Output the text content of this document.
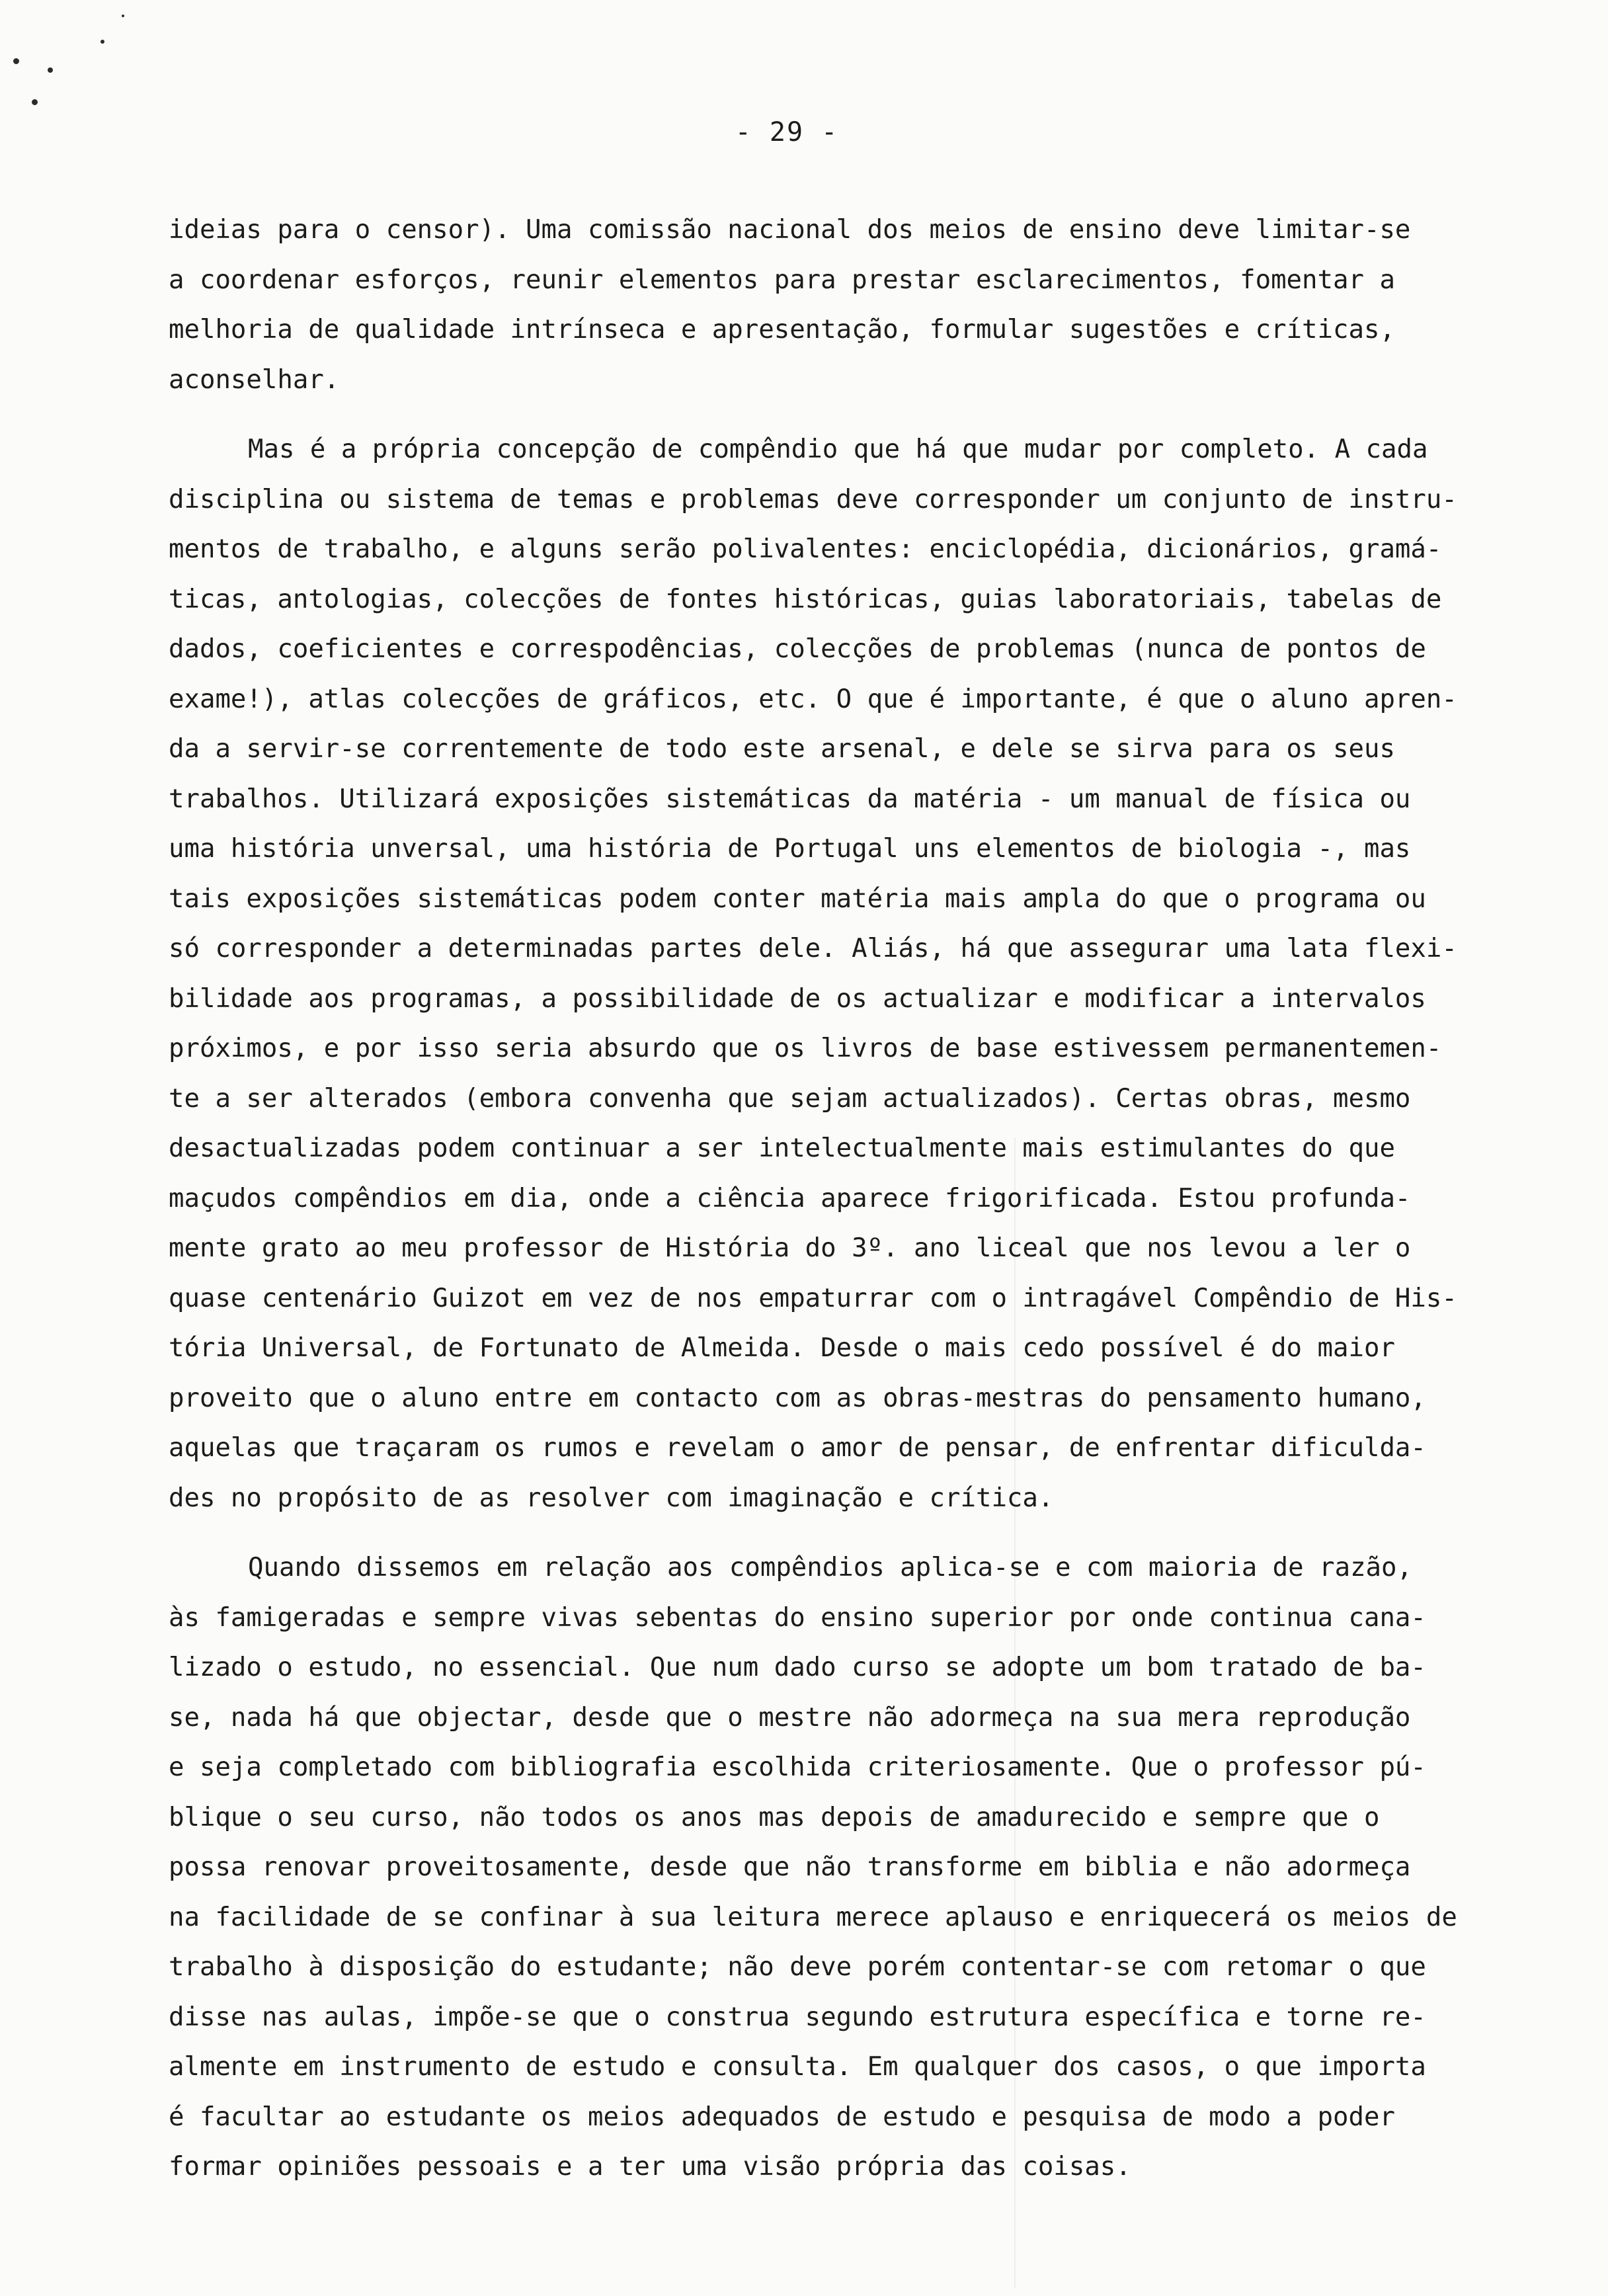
- 29 -
ideias para o censor). Uma comissão nacional dos meios de ensino deve limitar-se
a coordenar esforços, reunir elementos para prestar esclarecimentos, fomentar a
melhoria de qualidade intrínseca e apresentação, formular sugestões e críticas,
aconselhar.
Mas é a própria concepção de compêndio que há que mudar por completo. A cada
disciplina ou sistema de temas e problemas deve corresponder um conjunto de instru-
mentos de trabalho, e alguns serão polivalentes: enciclopédia, dicionários, gramá-
ticas, antologias, colecções de fontes históricas, guias laboratoriais, tabelas de
dados, coeficientes e correspodências, colecções de problemas (nunca de pontos de
exame!), atlas colecções de gráficos, etc. O que é importante, é que o aluno apren-
da a servir-se correntemente de todo este arsenal, e dele se sirva para os seus
trabalhos. Utilizará exposições sistemáticas da matéria - um manual de física ou
uma história unversal, uma história de Portugal uns elementos de biologia -, mas
tais exposições sistemáticas podem conter matéria mais ampla do que o programa ou
só corresponder a determinadas partes dele. Aliás, há que assegurar uma lata flexi-
bilidade aos programas, a possibilidade de os actualizar e modificar a intervalos
próximos, e por isso seria absurdo que os livros de base estivessem permanentemen-
te a ser alterados (embora convenha que sejam actualizados). Certas obras, mesmo
desactualizadas podem continuar a ser intelectualmente mais estimulantes do que
maçudos compêndios em dia, onde a ciência aparece frigorificada. Estou profunda-
mente grato ao meu professor de História do 3º. ano liceal que nos levou a ler o
quase centenário Guizot em vez de nos empaturrar com o intragável Compêndio de His-
tória Universal, de Fortunato de Almeida. Desde o mais cedo possível é do maior
proveito que o aluno entre em contacto com as obras-mestras do pensamento humano,
aquelas que traçaram os rumos e revelam o amor de pensar, de enfrentar dificulda-
des no propósito de as resolver com imaginação e crítica.
Quando dissemos em relação aos compêndios aplica-se e com maioria de razão,
às famigeradas e sempre vivas sebentas do ensino superior por onde continua cana-
lizado o estudo, no essencial. Que num dado curso se adopte um bom tratado de ba-
se, nada há que objectar, desde que o mestre não adormeça na sua mera reprodução
e seja completado com bibliografia escolhida criteriosamente. Que o professor pú-
blique o seu curso, não todos os anos mas depois de amadurecido e sempre que o
possa renovar proveitosamente, desde que não transforme em biblia e não adormeça
na facilidade de se confinar à sua leitura merece aplauso e enriquecerá os meios de
trabalho à disposição do estudante; não deve porém contentar-se com retomar o que
disse nas aulas, impõe-se que o construa segundo estrutura específica e torne re-
almente em instrumento de estudo e consulta. Em qualquer dos casos, o que importa
é facultar ao estudante os meios adequados de estudo e pesquisa de modo a poder
formar opiniões pessoais e a ter uma visão própria das coisas.
